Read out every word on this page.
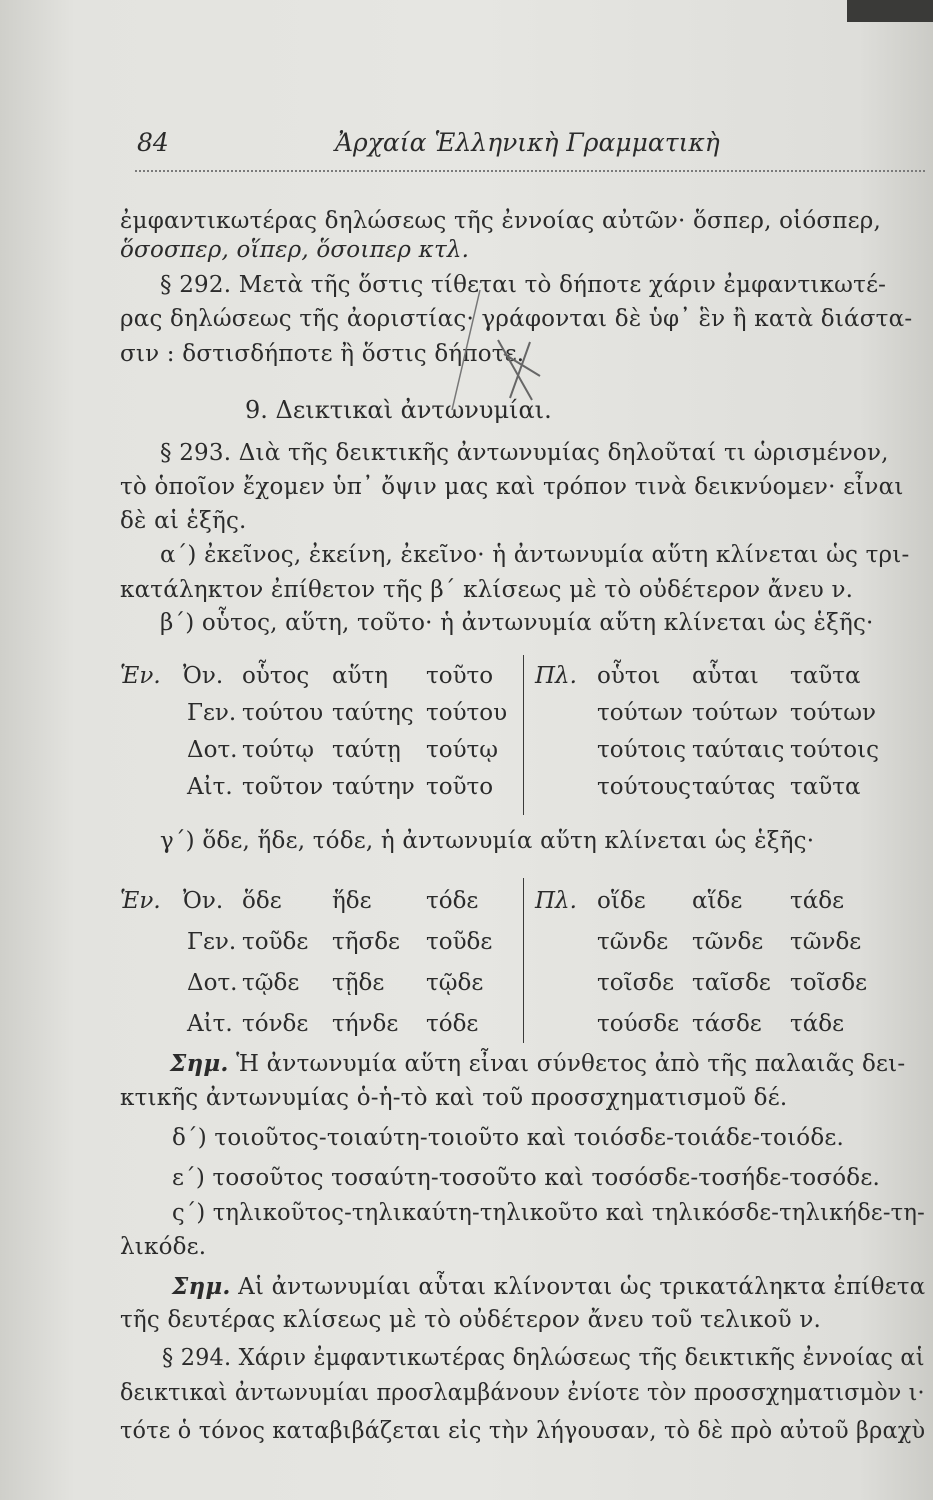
84	Ἀρχαία Ἑλληνικὴ Γραμματικὴ
ἐμφαντικωτέρας δηλώσεως τῆς ἐννοίας αὐτῶν· ὅσπερ, οἱόσπερ,
ὅσοσπερ, οἵπερ, ὅσοιπερ κτλ.
§ 292. Μετὰ τῆς ὅστις τίθεται τὸ δήποτε χάριν ἐμφαντικωτέ-
ρας δηλώσεως τῆς ἀοριστίας· γράφονται δὲ ὑφ᾽ ἓν ἢ κατὰ διάστα-
σιν : δστισδήποτε ἢ ὅστις δήποτε.
9. Δεικτικαὶ ἀντωνυμίαι.
§ 293. Διὰ τῆς δεικτικῆς ἀντωνυμίας δηλοῦταί τι ὡρισμένον,
τὸ ὁποῖον ἔχομεν ὑπ᾽ ὄψιν μας καὶ τρόπον τινὰ δεικνύομεν· εἶναι
δὲ αἱ ἑξῆς.
α΄) ἐκεῖνος, ἐκείνη, ἐκεῖνο· ἡ ἀντωνυμία αὕτη κλίνεται ὡς τρι-
κατάληκτον ἐπίθετον τῆς β΄ κλίσεως μὲ τὸ οὐδέτερον ἄνευ ν.
β΄) οὗτος, αὕτη, τοῦτο· ἡ ἀντωνυμία αὕτη κλίνεται ὡς ἑξῆς·
Ἑν.	Πλ.
Ὀν. οὗτος αὕτη τοῦτο	οὗτοι αὗται ταῦτα
Γεν. τούτου ταύτης τούτου	τούτων τούτων τούτων
Δοτ. τούτῳ ταύτῃ τούτῳ	τούτοις ταύταις τούτοις
Αἰτ. τοῦτον ταύτην τοῦτο	τούτους ταύτας ταῦτα
γ΄) ὅδε, ἥδε, τόδε, ἡ ἀντωνυμία αὕτη κλίνεται ὡς ἑξῆς·
Ἑν.	Πλ.
Ὀν. ὅδε ἥδε τόδε	οἵδε αἵδε τάδε
Γεν. τοῦδε τῆσδε τοῦδε	τῶνδε τῶνδε τῶνδε
Δοτ. τῷδε τῇδε τῷδε	τοῖσδε ταῖσδε τοῖσδε
Αἰτ. τόνδε τήνδε τόδε	τούσδε τάσδε τάδε
Σημ. Ἡ ἀντωνυμία αὕτη εἶναι σύνθετος ἀπὸ τῆς παλαιᾶς δει-
κτικῆς ἀντωνυμίας ὁ-ἡ-τὸ καὶ τοῦ προσσχηματισμοῦ δέ.
δ΄) τοιοῦτος-τοιαύτη-τοιοῦτο καὶ τοιόσδε-τοιάδε-τοιόδε.
ε΄) τοσοῦτος τοσαύτη-τοσοῦτο καὶ τοσόσδε-τοσήδε-τοσόδε.
ς΄) τηλικοῦτος-τηλικαύτη-τηλικοῦτο καὶ τηλικόσδε-τηλικήδε-τη-
λικόδε.
Σημ. Αἱ ἀντωνυμίαι αὗται κλίνονται ὡς τρικατάληκτα ἐπίθετα
τῆς δευτέρας κλίσεως μὲ τὸ οὐδέτερον ἄνευ τοῦ τελικοῦ ν.
§ 294. Χάριν ἐμφαντικωτέρας δηλώσεως τῆς δεικτικῆς ἐννοίας αἱ
δεικτικαὶ ἀντωνυμίαι προσλαμβάνουν ἐνίοτε τὸν προσσχηματισμὸν ι·
τότε ὁ τόνος καταβιβάζεται εἰς τὴν λήγουσαν, τὸ δὲ πρὸ αὐτοῦ βραχὺ
